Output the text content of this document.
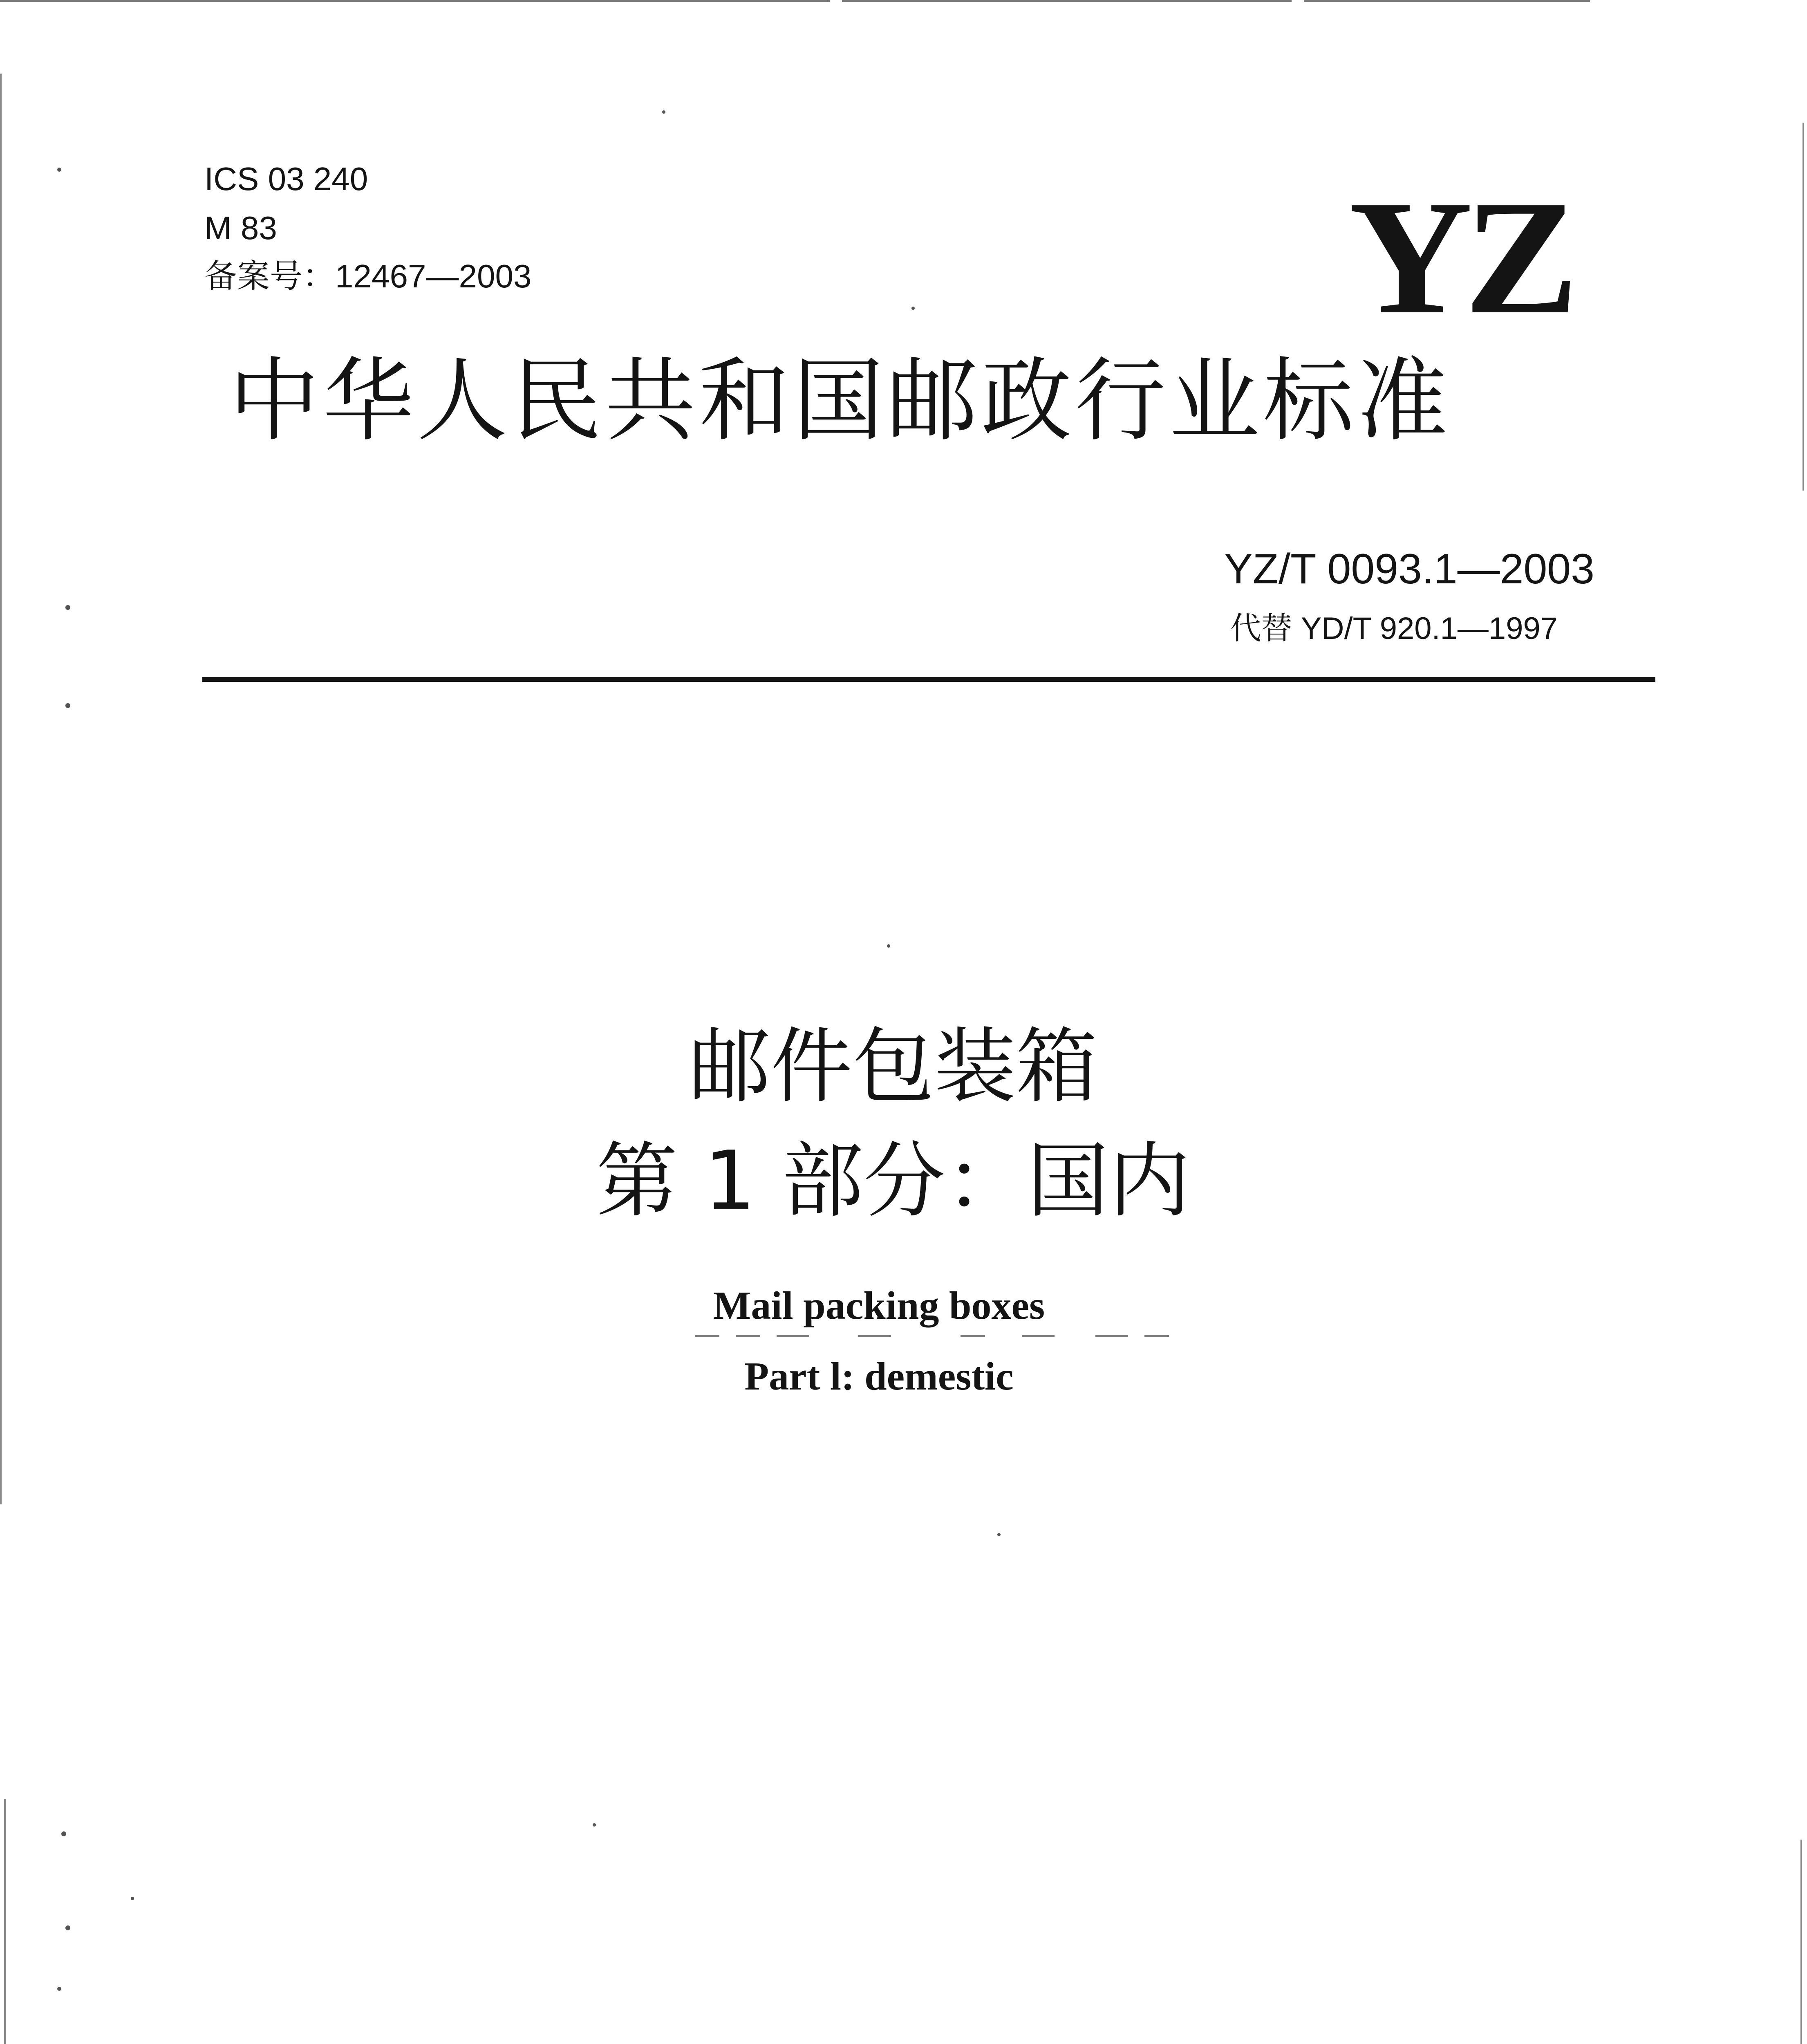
ICS 03 240
M 83
备案号：12467—2003	YZ
中华人民共和国邮政行业标准
YZ/T 0093.1—2003
代替 YD/T 920.1—1997
邮件包装箱
第 1 部分：国内
Mail packing boxes
Part l: demestic
